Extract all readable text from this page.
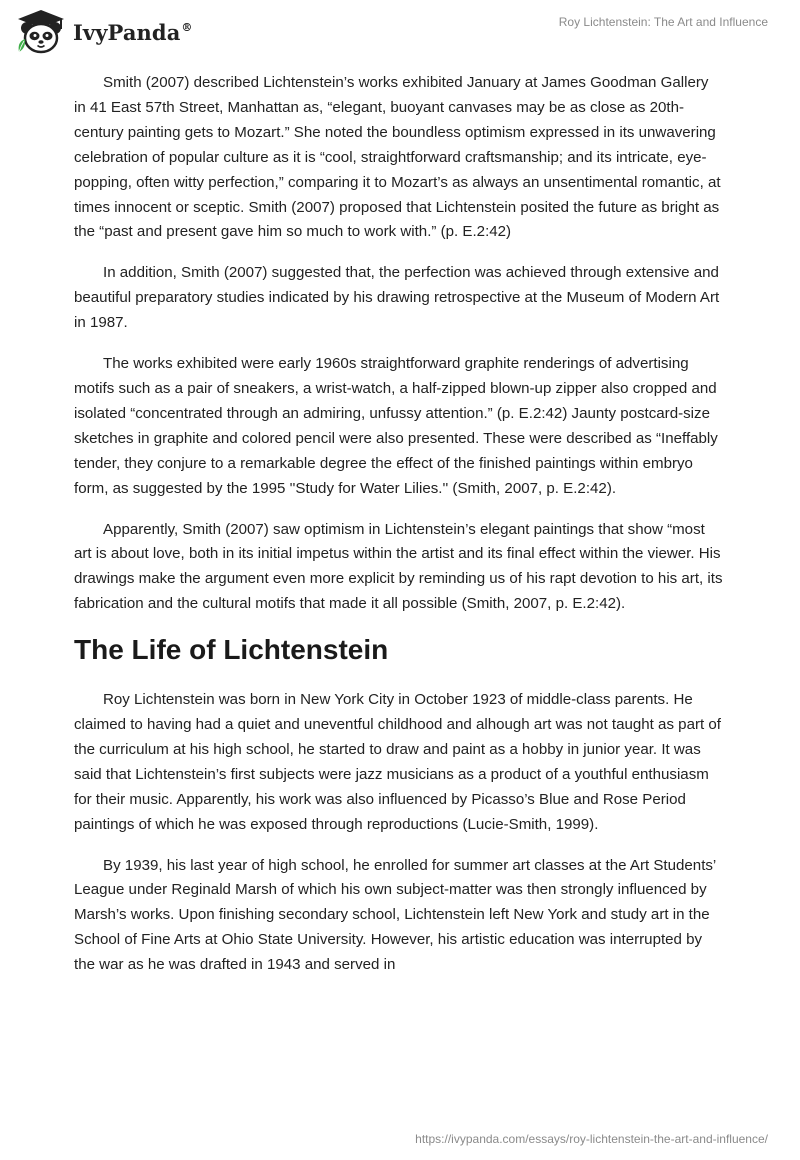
IvyPanda®	Roy Lichtenstein: The Art and Influence

Smith (2007) described Lichtenstein’s works exhibited January at James Goodman Gallery in 41 East 57th Street, Manhattan as, “elegant, buoyant canvases may be as close as 20th-century painting gets to Mozart.” She noted the boundless optimism expressed in its unwavering celebration of popular culture as it is “cool, straightforward craftsmanship; and its intricate, eye-popping, often witty perfection,” comparing it to Mozart’s as always an unsentimental romantic, at times innocent or sceptic. Smith (2007) proposed that Lichtenstein posited the future as bright as the “past and present gave him so much to work with.” (p. E.2:42)

In addition, Smith (2007) suggested that, the perfection was achieved through extensive and beautiful preparatory studies indicated by his drawing retrospective at the Museum of Modern Art in 1987.

The works exhibited were early 1960s straightforward graphite renderings of advertising motifs such as a pair of sneakers, a wrist-watch, a half-zipped blown-up zipper also cropped and isolated “concentrated through an admiring, unfussy attention.” (p. E.2:42) Jaunty postcard-size sketches in graphite and colored pencil were also presented. These were described as “Ineffably tender, they conjure to a remarkable degree the effect of the finished paintings within embryo form, as suggested by the 1995 ''Study for Water Lilies.'' (Smith, 2007, p. E.2:42).

Apparently, Smith (2007) saw optimism in Lichtenstein’s elegant paintings that show “most art is about love, both in its initial impetus within the artist and its final effect within the viewer. His drawings make the argument even more explicit by reminding us of his rapt devotion to his art, its fabrication and the cultural motifs that made it all possible (Smith, 2007, p. E.2:42).

The Life of Lichtenstein

Roy Lichtenstein was born in New York City in October 1923 of middle-class parents. He claimed to having had a quiet and uneventful childhood and alhough art was not taught as part of the curriculum at his high school, he started to draw and paint as a hobby in junior year. It was said that Lichtenstein’s first subjects were jazz musicians as a product of a youthful enthusiasm for their music. Apparently, his work was also influenced by Picasso’s Blue and Rose Period paintings of which he was exposed through reproductions (Lucie-Smith, 1999).

By 1939, his last year of high school, he enrolled for summer art classes at the Art Students’ League under Reginald Marsh of which his own subject-matter was then strongly influenced by Marsh’s works. Upon finishing secondary school, Lichtenstein left New York and study art in the School of Fine Arts at Ohio State University. However, his artistic education was interrupted by the war as he was drafted in 1943 and served in

https://ivypanda.com/essays/roy-lichtenstein-the-art-and-influence/
